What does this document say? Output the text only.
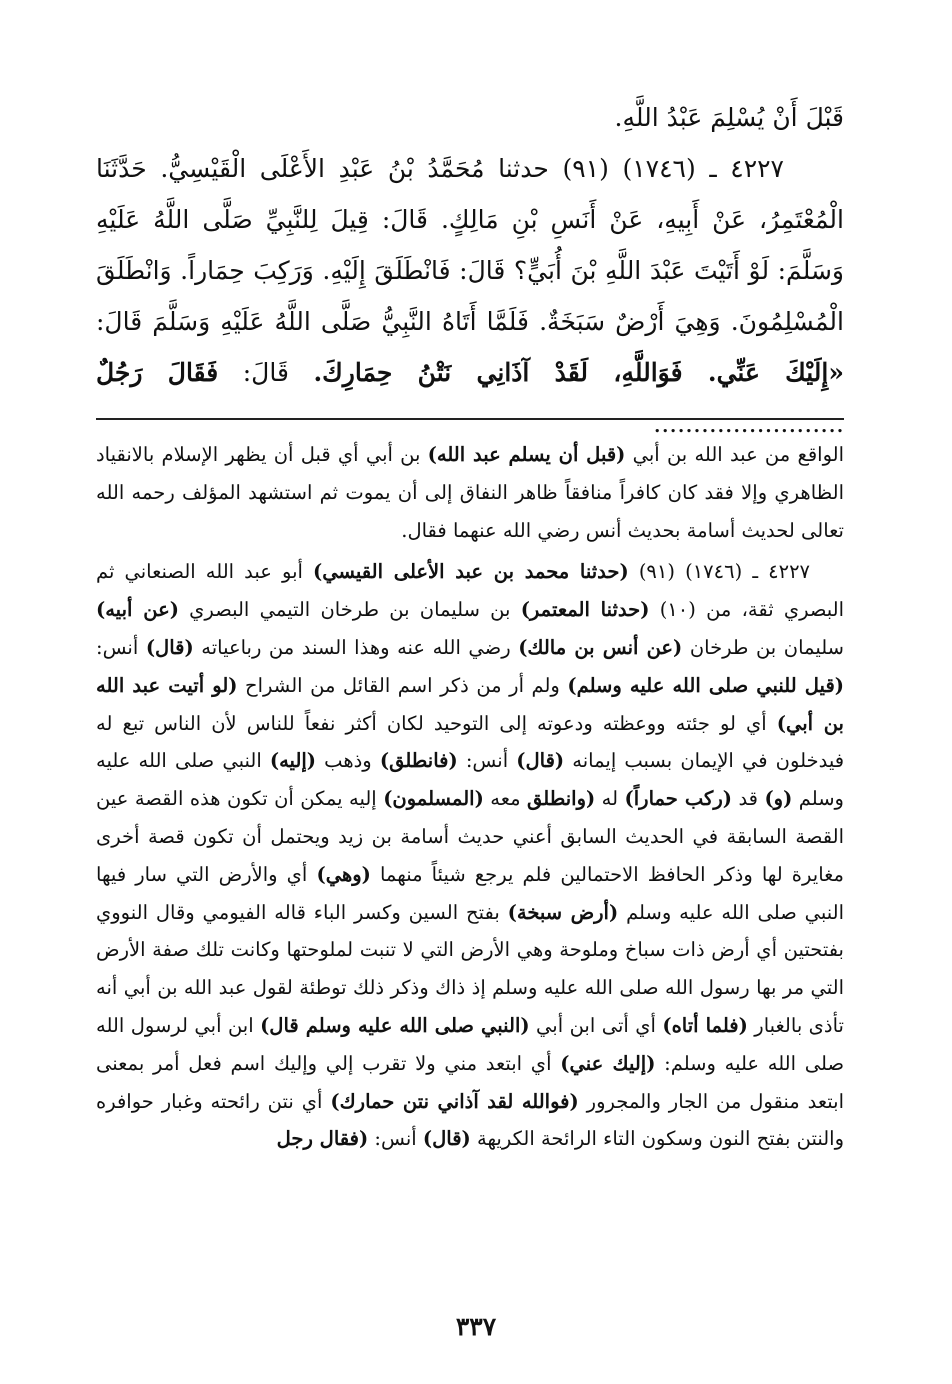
قَبْلَ أَنْ يُسْلِمَ عَبْدُ اللَّهِ.

٤٢٢٧ ـ (١٧٤٦) (٩١) حدثنا مُحَمَّدُ بْنُ عَبْدِ الأَعْلَى الْقَيْسِيُّ. حَدَّثَنَا الْمُعْتَمِرُ، عَنْ أَبِيهِ، عَنْ أَنَسِ بْنِ مَالِكٍ. قَالَ: قِيلَ لِلنَّبِيِّ صَلَّى اللَّهُ عَلَيْهِ وَسَلَّمَ: لَوْ أَتَيْتَ عَبْدَ اللَّهِ بْنَ أُبَيٍّ؟ قَالَ: فَانْطَلَقَ إِلَيْهِ. وَرَكِبَ حِمَاراً. وَانْطَلَقَ الْمُسْلِمُونَ. وَهِيَ أَرْضٌ سَبَخَةٌ. فَلَمَّا أَتَاهُ النَّبِيُّ صَلَّى اللَّهُ عَلَيْهِ وَسَلَّمَ قَالَ: «إِلَيْكَ عَنِّي. فَوَاللَّهِ، لَقَدْ آذَانِي نَتْنُ حِمَارِكَ. قَالَ: فَقَالَ رَجُلٌ ........................

الواقع من عبد الله بن أبي (قبل أن يسلم عبد الله) بن أبي أي قبل أن يظهر الإسلام بالانقياد الظاهري وإلا فقد كان كافراً منافقاً ظاهر النفاق إلى أن يموت ثم استشهد المؤلف رحمه الله تعالى لحديث أسامة بحديث أنس رضي الله عنهما فقال.

٤٢٢٧ ـ (١٧٤٦) (٩١) (حدثنا محمد بن عبد الأعلى القيسي) أبو عبد الله الصنعاني ثم البصري ثقة، من (١٠) (حدثنا المعتمر) بن سليمان بن طرخان التيمي البصري (عن أبيه) سليمان بن طرخان (عن أنس بن مالك) رضي الله عنه وهذا السند من رباعياته (قال) أنس: (قيل للنبي صلى الله عليه وسلم) ولم أر من ذكر اسم القائل من الشراح (لو أتيت عبد الله بن أبي) أي لو جئته ووعظته ودعوته إلى التوحيد لكان أكثر نفعاً للناس لأن الناس تبع له فيدخلون في الإيمان بسبب إيمانه (قال) أنس: (فانطلق) وذهب (إليه) النبي صلى الله عليه وسلم (و) قد (ركب حماراً) له (وانطلق معه (المسلمون) إليه يمكن أن تكون هذه القصة عين القصة السابقة في الحديث السابق أعني حديث أسامة بن زيد ويحتمل أن تكون قصة أخرى مغايرة لها وذكر الحافظ الاحتمالين فلم يرجع شيئاً منهما (وهي) أي والأرض التي سار فيها النبي صلى الله عليه وسلم (أرض سبخة) بفتح السين وكسر الباء قاله الفيومي وقال النووي بفتحتين أي أرض ذات سباخ وملوحة وهي الأرض التي لا تنبت لملوحتها وكانت تلك صفة الأرض التي مر بها رسول الله صلى الله عليه وسلم إذ ذاك وذكر ذلك توطئة لقول عبد الله بن أبي أنه تأذى بالغبار (فلما أتاه) أي أتى ابن أبي (النبي صلى الله عليه وسلم قال) ابن أبي لرسول الله صلى الله عليه وسلم: (إليك عني) أي ابتعد مني ولا تقرب إلي وإليك اسم فعل أمر بمعنى ابتعد منقول من الجار والمجرور (فوالله لقد آذاني نتن حمارك) أي نتن رائحته وغبار حوافره والنتن بفتح النون وسكون التاء الرائحة الكريهة (قال) أنس: (فقال رجل

٣٣٧
